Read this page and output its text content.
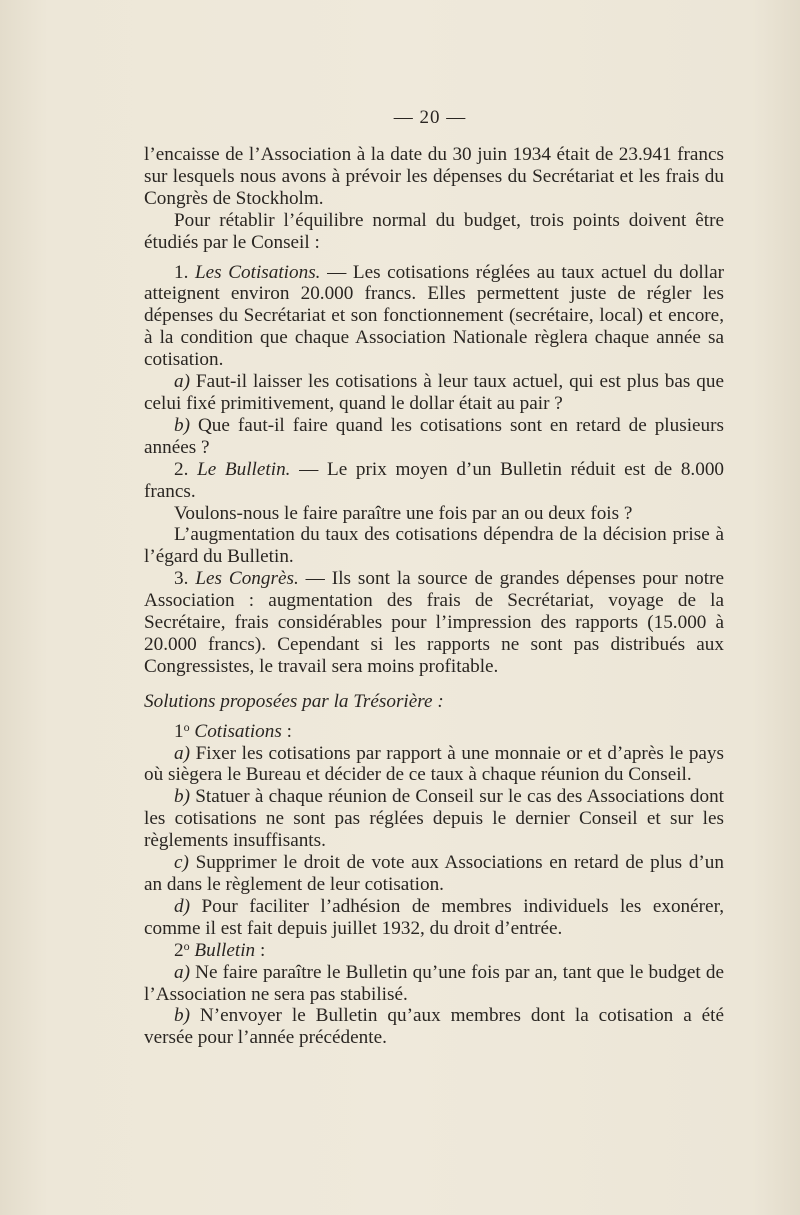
— 20 —

l’encaisse de l’Association à la date du 30 juin 1934 était de 23.941 francs sur lesquels nous avons à prévoir les dépenses du Secrétariat et les frais du Congrès de Stockholm.

Pour rétablir l’équilibre normal du budget, trois points doivent être étudiés par le Conseil :

1. Les Cotisations. — Les cotisations réglées au taux actuel du dollar atteignent environ 20.000 francs. Elles permettent juste de régler les dépenses du Secrétariat et son fonctionnement (secrétaire, local) et encore, à la condition que chaque Association Nationale règlera chaque année sa cotisation.

a) Faut-il laisser les cotisations à leur taux actuel, qui est plus bas que celui fixé primitivement, quand le dollar était au pair ?

b) Que faut-il faire quand les cotisations sont en retard de plusieurs années ?

2. Le Bulletin. — Le prix moyen d’un Bulletin réduit est de 8.000 francs.

Voulons-nous le faire paraître une fois par an ou deux fois ?

L’augmentation du taux des cotisations dépendra de la décision prise à l’égard du Bulletin.

3. Les Congrès. — Ils sont la source de grandes dépenses pour notre Association : augmentation des frais de Secrétariat, voyage de la Secrétaire, frais considérables pour l’impression des rapports (15.000 à 20.000 francs). Cependant si les rapports ne sont pas distribués aux Congressistes, le travail sera moins profitable.

Solutions proposées par la Trésorière :

1$^o$ Cotisations :

a) Fixer les cotisations par rapport à une monnaie or et d’après le pays où siègera le Bureau et décider de ce taux à chaque réunion du Conseil.

b) Statuer à chaque réunion de Conseil sur le cas des Associations dont les cotisations ne sont pas réglées depuis le dernier Conseil et sur les règlements insuffisants.

c) Supprimer le droit de vote aux Associations en retard de plus d’un an dans le règlement de leur cotisation.

d) Pour faciliter l’adhésion de membres individuels les exonérer, comme il est fait depuis juillet 1932, du droit d’entrée.

2$^o$ Bulletin :

a) Ne faire paraître le Bulletin qu’une fois par an, tant que le budget de l’Association ne sera pas stabilisé.

b) N’envoyer le Bulletin qu’aux membres dont la cotisation a été versée pour l’année précédente.
